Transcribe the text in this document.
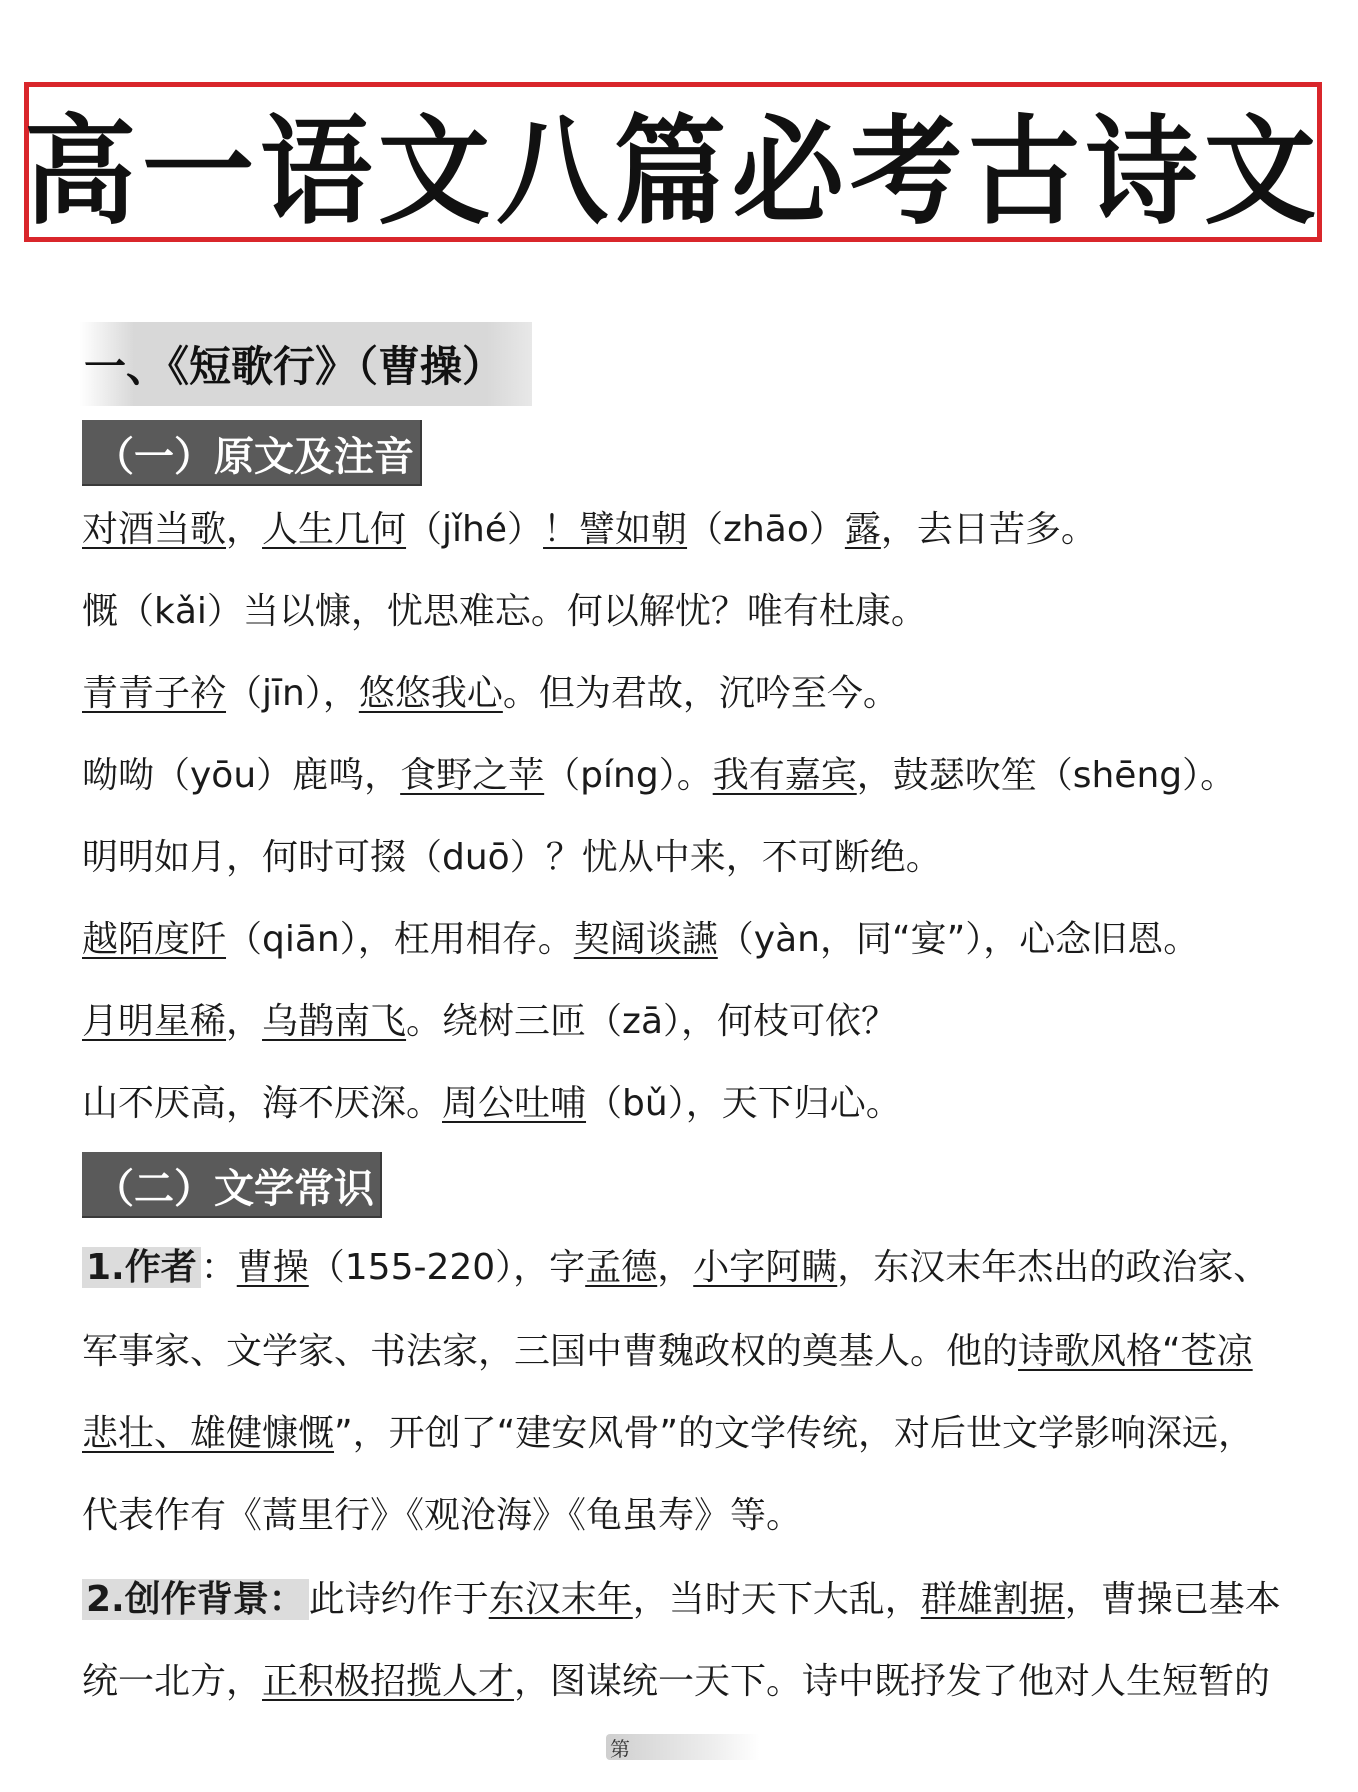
高一语文八篇必考古诗文
一、《短歌行》（曹操）
（一）原文及注音
对酒当歌，人生几何（jǐhé）！譬如朝（zhāo）露，去日苦多。
慨（kǎi）当以慷，忧思难忘。何以解忧？唯有杜康。
青青子衿（jīn），悠悠我心。但为君故，沉吟至今。
呦呦（yōu）鹿鸣，食野之苹（píng）。我有嘉宾，鼓瑟吹笙（shēng）。
明明如月，何时可掇（duō）？忧从中来，不可断绝。
越陌度阡（qiān），枉用相存。契阔谈讌（yàn，同“宴”），心念旧恩。
月明星稀，乌鹊南飞。绕树三匝（zā），何枝可依？
山不厌高，海不厌深。周公吐哺（bǔ），天下归心。
（二）文学常识
1.作者 ：曹操（155-220），字孟德，小字阿瞒，东汉末年杰出的政治家、
军事家、文学家、书法家，三国中曹魏政权的奠基人。他的诗歌风格“苍凉
悲壮、雄健慷慨”，开创了“建安风骨”的文学传统，对后世文学影响深远，
代表作有《蒿里行》《观沧海》《龟虽寿》等。
2.创作背景： 此诗约作于东汉末年，当时天下大乱，群雄割据，曹操已基本
统一北方，正积极招揽人才，图谋统一天下。诗中既抒发了他对人生短暂的
第
